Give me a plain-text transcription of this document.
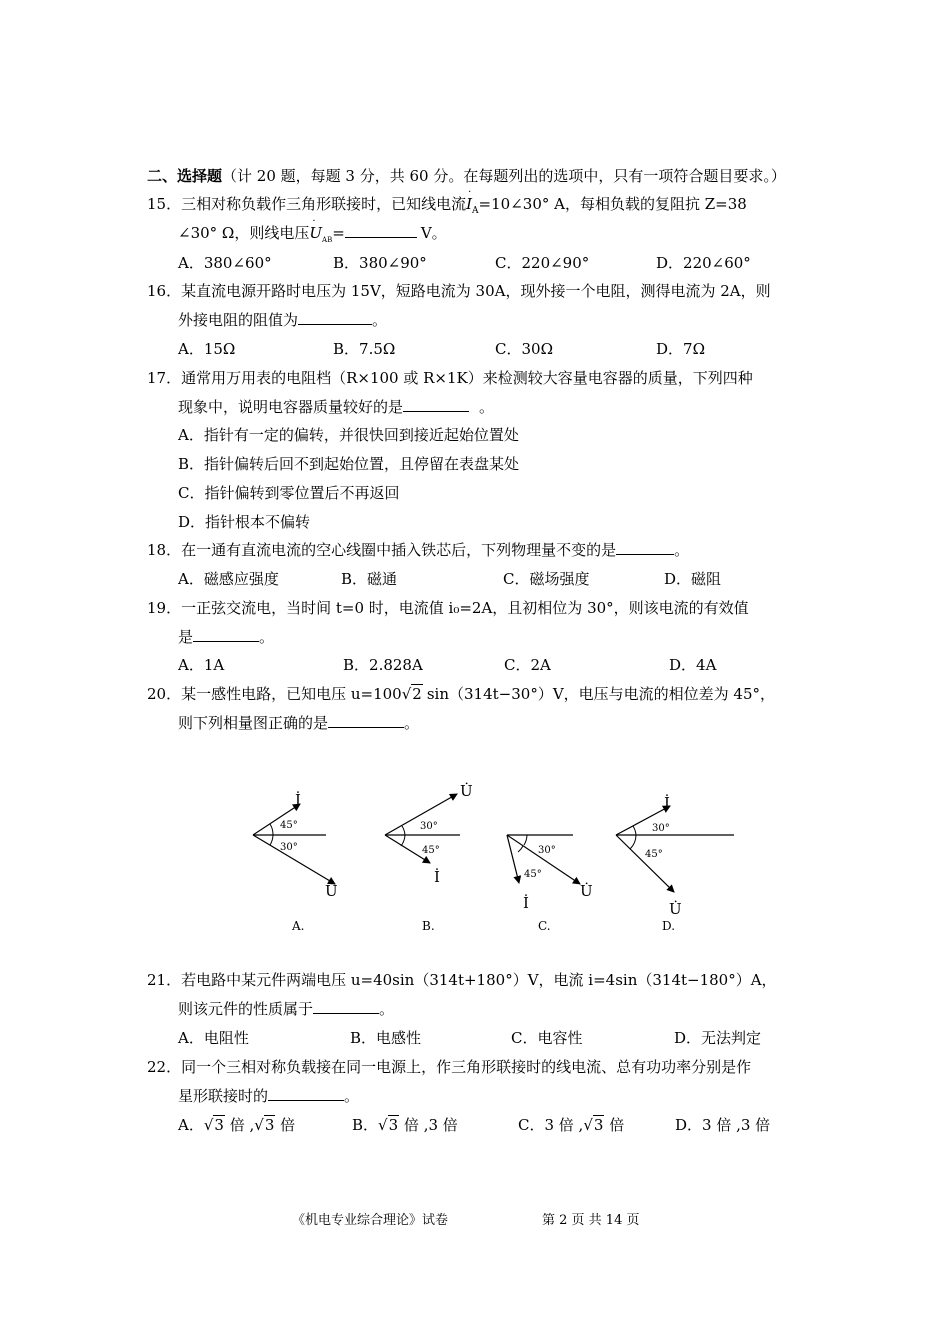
二、选择题（计 20 题，每题 3 分，共 60 分。在每题列出的选项中，只有一项符合题目要求。）
15．三相对称负载作三角形联接时，已知线电流I
·
$_A$=10∠30° A，每相负载的复阻抗 Z=38
∠30° Ω，则线电压U
·
$_{AB}$=	V。
A．380∠60°	B．380∠90°	C．220∠90°	D．220∠60°
16．某直流电源开路时电压为 15V，短路电流为 30A，现外接一个电阻，测得电流为 2A，则
外接电阻的阻值为	。
A．15Ω	B．7.5Ω	C．30Ω	D．7Ω
17．通常用万用表的电阻档（R×100 或 R×1K）来检测较大容量电容器的质量，下列四种
现象中，说明电容器质量较好的是	。
A．指针有一定的偏转，并很快回到接近起始位置处
B．指针偏转后回不到起始位置，且停留在表盘某处
C．指针偏转到零位置后不再返回
D．指针根本不偏转
18．在一通有直流电流的空心线圈中插入铁芯后，下列物理量不变的是	。
A．磁感应强度	B．磁通	C．磁场强度	D．磁阻
19．一正弦交流电，当时间 t=0 时，电流值 i₀=2A，且初相位为 30°，则该电流的有效值
是	。
A．1A	B．2.828A	C．2A	D．4A
20．某一感性电路，已知电压 u=100√2 sin（314t−30°）V，电压与电流的相位差为 45°，
则下列相量图正确的是	。
İ
45°
30°
U̇
A.
U̇
30°
45°
İ
B.
30°
45°
İ
U̇
C.
İ
30°
45°
U̇
D.
21．若电路中某元件两端电压 u=40sin（314t+180°）V，电流 i=4sin（314t−180°）A，
则该元件的性质属于	。
A．电阻性	B．电感性	C．电容性	D．无法判定
22．同一个三相对称负载接在同一电源上，作三角形联接时的线电流、总有功功率分别是作
星形联接时的	。
A．√3 倍 ,√3 倍	B．√3 倍 ,3 倍	C．3 倍 ,√3 倍	D．3 倍 ,3 倍
《机电专业综合理论》试卷	第 2 页 共 14 页
